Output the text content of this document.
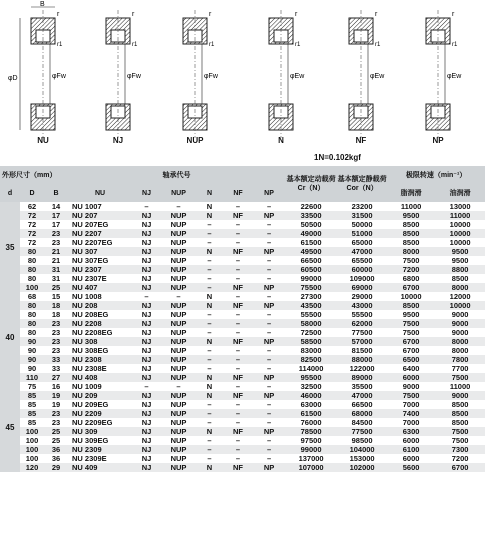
φFw
r
r1
φFw
r
r1
φFw
r
r1
φEw
r
r1
φEw
r
r1
φEw
r
r1
φD
B
NU	NJ	NUP	N	NF	NP
1N=0.102kgf
外形尺寸（mm）			轴承代号						基本额定动载荷Cr（N）	基本额定静载荷Cor（N）	极限转速（min⁻¹）	
d	D	B	NU	NJ	NUP	N	NF	NP			脂润滑	油润滑
35	62	14	NU 1007	–	–	N	–	–	22600	23200	11000	13000
	72	17	NU 207	NJ	NUP	N	NF	NP	33500	31500	9500	11000
	72	17	NU 207EG	NJ	NUP	–	–	–	50500	50000	8500	10000
	72	23	NU 2207	NJ	NUP	–	–	–	49000	51000	8500	10000
	72	23	NU 2207EG	NJ	NUP	–	–	–	61500	65000	8500	10000
	80	21	NU 307	NJ	NUP	N	NF	NP	49500	47000	8000	9500
	80	21	NU 307EG	NJ	NUP	–	–	–	66500	65500	7500	9500
	80	31	NU 2307	NJ	NUP	–	–	–	60500	60000	7200	8800
	80	31	NU 2307E	NJ	NUP	–	–	–	99000	109000	6800	8500
	100	25	NU 407	NJ	NUP	–	NF	NP	75500	69000	6700	8000
40	68	15	NU 1008	–	–	N	–	–	27300	29000	10000	12000
	80	18	NU 208	NJ	NUP	N	NF	NP	43500	43000	8500	10000
	80	18	NU 208EG	NJ	NUP	–	–	–	55500	55500	9500	9000
	80	23	NU 2208	NJ	NUP	–	–	–	58000	62000	7500	9000
	80	23	NU 2208EG	NJ	NUP	–	–	–	72500	77500	7500	9000
	90	23	NU 308	NJ	NUP	N	NF	NP	58500	57000	6700	8000
	90	23	NU 308EG	NJ	NUP	–	–	–	83000	81500	6700	8000
	90	33	NU 2308	NJ	NUP	–	–	–	82500	88000	6500	7800
	90	33	NU 2308E	NJ	NUP	–	–	–	114000	122000	6400	7700
	110	27	NU 408	NJ	NUP	N	NF	NP	95500	89000	6000	7500
45	75	16	NU 1009	–	–	N	–	–	32500	35500	9000	11000
	85	19	NU 209	NJ	NUP	N	NF	NP	46000	47000	7500	9000
	85	19	NU 209EG	NJ	NUP	–	–	–	63000	66500	7000	8500
	85	23	NU 2209	NJ	NUP	–	–	–	61500	68000	7400	8500
	85	23	NU 2209EG	NJ	NUP	–	–	–	76000	84500	7000	8500
	100	25	NU 309	NJ	NUP	N	NF	NP	78500	77500	6300	7500
	100	25	NU 309EG	NJ	NUP	–	–	–	97500	98500	6000	7500
	100	36	NU 2309	NJ	NUP	–	–	–	99000	104000	6100	7300
	100	36	NU 2309E	NJ	NUP	–	–	–	137000	153000	6000	7200
	120	29	NU 409	NJ	NUP	N	NF	NP	107000	102000	5600	6700
